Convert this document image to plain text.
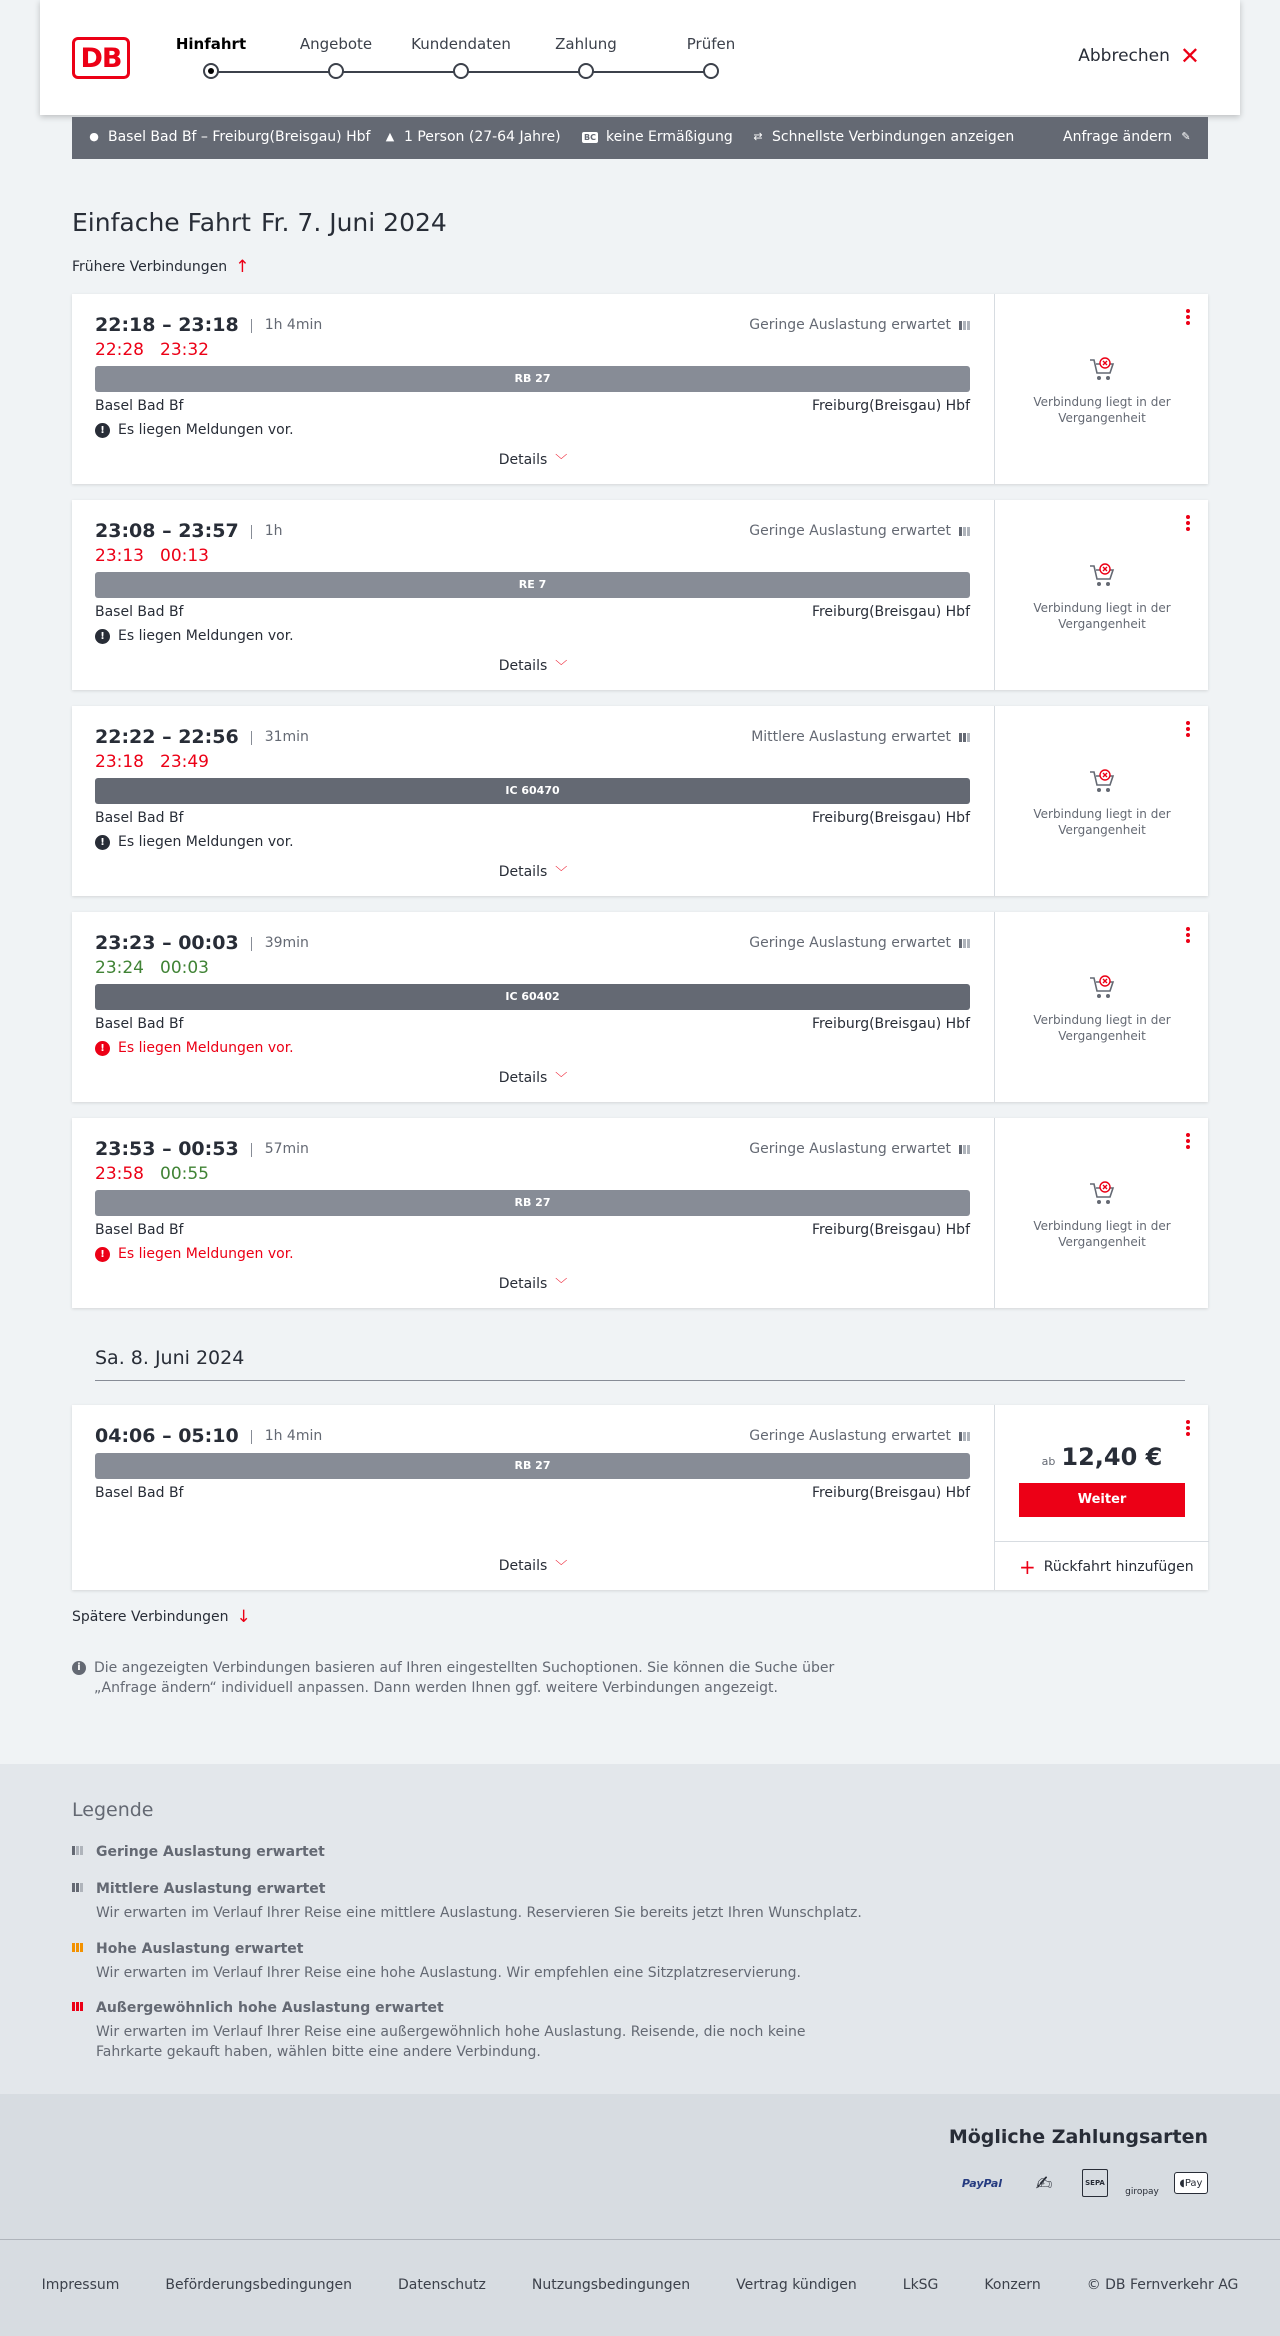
DB	Hinfahrt	Angebote	Kundendaten	Zahlung	Prüfen
Abbrechen ✕
● Basel Bad Bf – Freiburg(Breisgau) Hbf ▲ 1 Person (27-64 Jahre)	BC keine Ermäßigung ⇄ Schnellste Verbindungen anzeigen	Anfrage ändern ✎
Einfache Fahrt Fr. 7. Juni 2024
Frühere Verbindungen ↑
22:18 – 23:18	1h 4min
22:28 23:32
Geringe Auslastung erwartet
RB 27
Basel Bad Bf	Freiburg(Breisgau) Hbf
! Es liegen Meldungen vor.
Details ﹀
Verbindung liegt in der Vergangenheit
23:08 – 23:57	1h
23:13 00:13
Geringe Auslastung erwartet
RE 7
Basel Bad Bf	Freiburg(Breisgau) Hbf
! Es liegen Meldungen vor.
Details ﹀
Verbindung liegt in der Vergangenheit
22:22 – 22:56	31min
23:18 23:49
Mittlere Auslastung erwartet
IC 60470
Basel Bad Bf	Freiburg(Breisgau) Hbf
! Es liegen Meldungen vor.
Details ﹀
Verbindung liegt in der Vergangenheit
23:23 – 00:03	39min
23:24 00:03
Geringe Auslastung erwartet
IC 60402
Basel Bad Bf	Freiburg(Breisgau) Hbf
! Es liegen Meldungen vor.
Details ﹀
Verbindung liegt in der Vergangenheit
23:53 – 00:53	57min
23:58 00:55
Geringe Auslastung erwartet
RB 27
Basel Bad Bf	Freiburg(Breisgau) Hbf
! Es liegen Meldungen vor.
Details ﹀
Verbindung liegt in der Vergangenheit
Sa. 8. Juni 2024
04:06 – 05:10	1h 4min	Geringe Auslastung erwartet
RB 27
Basel Bad Bf	Freiburg(Breisgau) Hbf
Details ﹀
ab 12,40 €
Weiter
+ Rückfahrt hinzufügen
Spätere Verbindungen ↓
i Die angezeigten Verbindungen basieren auf Ihren eingestellten Suchoptionen. Sie können die Suche über „Anfrage ändern“ individuell anpassen. Dann werden Ihnen ggf. weitere Verbindungen angezeigt.
Legende
Geringe Auslastung erwartet
Mittlere Auslastung erwartet
Wir erwarten im Verlauf Ihrer Reise eine mittlere Auslastung. Reservieren Sie bereits jetzt Ihren Wunschplatz.
Hohe Auslastung erwartet
Wir erwarten im Verlauf Ihrer Reise eine hohe Auslastung. Wir empfehlen eine Sitzplatzreservierung.
Außergewöhnlich hohe Auslastung erwartet
Wir erwarten im Verlauf Ihrer Reise eine außergewöhnlich hohe Auslastung. Reisende, die noch keine Fahrkarte gekauft haben, wählen bitte eine andere Verbindung.
Mögliche Zahlungsarten
PayPal	✍	SEPA
giropay
◖ Pay
Impressum	Beförderungsbedingungen	Datenschutz	Nutzungsbedingungen	Vertrag kündigen	LkSG	Konzern	© DB Fernverkehr AG
